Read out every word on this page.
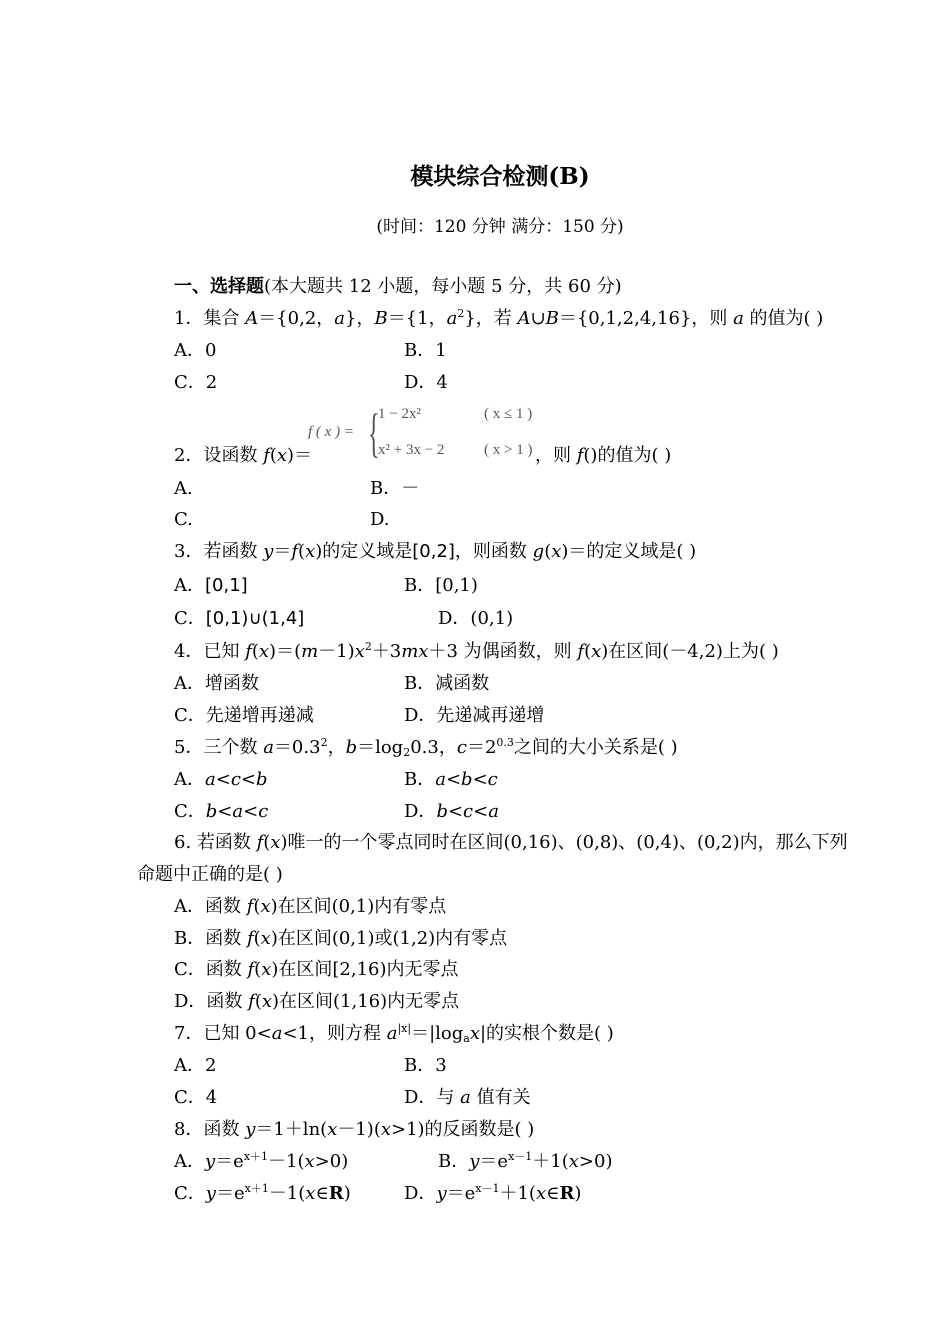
模块综合检测(B)
(时间：120 分钟 满分：150 分)
一、选择题(本大题共 12 小题，每小题 5 分，共 60 分)
1．集合 A＝{0,2，a}，B＝{1，$a^2$}，若 A∪B＝{0,1,2,4,16}，则 a 的值为( )
A．0	B．1
C．2	D．4
2．设函数 f(x)＝
f ( x ) = {
1 − 2x²
x² + 3x − 2
( x ≤ 1 )
( x > 1 ) ，则 f()的值为( )
A.	B．－
C.	D.
3．若函数 y＝f(x)的定义域是[0,2]，则函数 g(x)＝的定义域是( )
A．[0,1]	B．[0,1)
C．[0,1)∪(1,4]	D．(0,1)
4．已知 $f(x)=(m-1)x^2+3mx+3$ 为偶函数，则 f(x)在区间(－4,2)上为( )
A．增函数	B．减函数
C．先递增再递减	D．先递减再递增
5．三个数 $a=0.3^2$，$b=\log_20.3$，$c=2^{0.3}$之间的大小关系是( )
A．a<c<b	B．a<b<c
C．b<a<c	D．b<c<a
6. 若函数 f(x)唯一的一个零点同时在区间(0,16)、(0,8)、(0,4)、(0,2)内，那么下列
命题中正确的是( )
A．函数 f(x)在区间(0,1)内有零点
B．函数 f(x)在区间(0,1)或(1,2)内有零点
C．函数 f(x)在区间[2,16)内无零点
D．函数 f(x)在区间(1,16)内无零点
7．已知 0<a<1，则方程 $a^{|x|}=|\log_ax|$的实根个数是( )
A．2	B．3
C．4	D．与 a 值有关
8．函数 y＝1＋ln(x－1)(x>1)的反函数是( )
A．$y=e^{x+1}-1(x>0)$	B．$y=e^{x-1}+1(x>0)$
C．$y=e^{x+1}-1(x\in R)$	D．$y=e^{x-1}+1(x\in R)$
